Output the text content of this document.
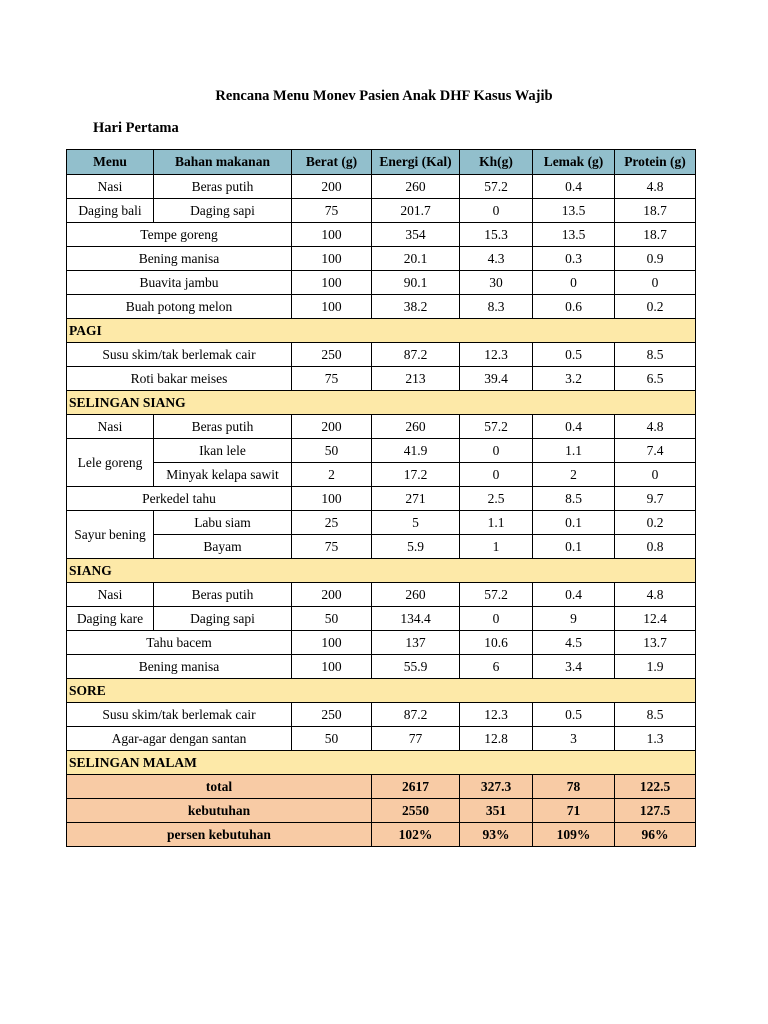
Rencana Menu Monev Pasien Anak DHF Kasus Wajib
Hari Pertama
Menu	Bahan makanan	Berat (g)	Energi (Kal)	Kh(g)	Lemak (g)	Protein (g)
Nasi	Beras putih	200	260	57.2	0.4	4.8
Daging bali	Daging sapi	75	201.7	0	13.5	18.7
Tempe goreng		100	354	15.3	13.5	18.7
Bening manisa		100	20.1	4.3	0.3	0.9
Buavita jambu		100	90.1	30	0	0
Buah potong melon		100	38.2	8.3	0.6	0.2
PAGI						
Susu skim/tak berlemak cair		250	87.2	12.3	0.5	8.5
Roti bakar meises		75	213	39.4	3.2	6.5
SELINGAN SIANG						
Nasi	Beras putih	200	260	57.2	0.4	4.8
Lele goreng	Ikan lele	50	41.9	0	1.1	7.4
	Minyak kelapa sawit	2	17.2	0	2	0
Perkedel tahu		100	271	2.5	8.5	9.7
Sayur bening	Labu siam	25	5	1.1	0.1	0.2
	Bayam	75	5.9	1	0.1	0.8
SIANG						
Nasi	Beras putih	200	260	57.2	0.4	4.8
Daging kare	Daging sapi	50	134.4	0	9	12.4
Tahu bacem		100	137	10.6	4.5	13.7
Bening manisa		100	55.9	6	3.4	1.9
SORE						
Susu skim/tak berlemak cair		250	87.2	12.3	0.5	8.5
Agar-agar dengan santan		50	77	12.8	3	1.3
SELINGAN MALAM						
total			2617	327.3	78	122.5
kebutuhan			2550	351	71	127.5
persen kebutuhan			102%	93%	109%	96%
